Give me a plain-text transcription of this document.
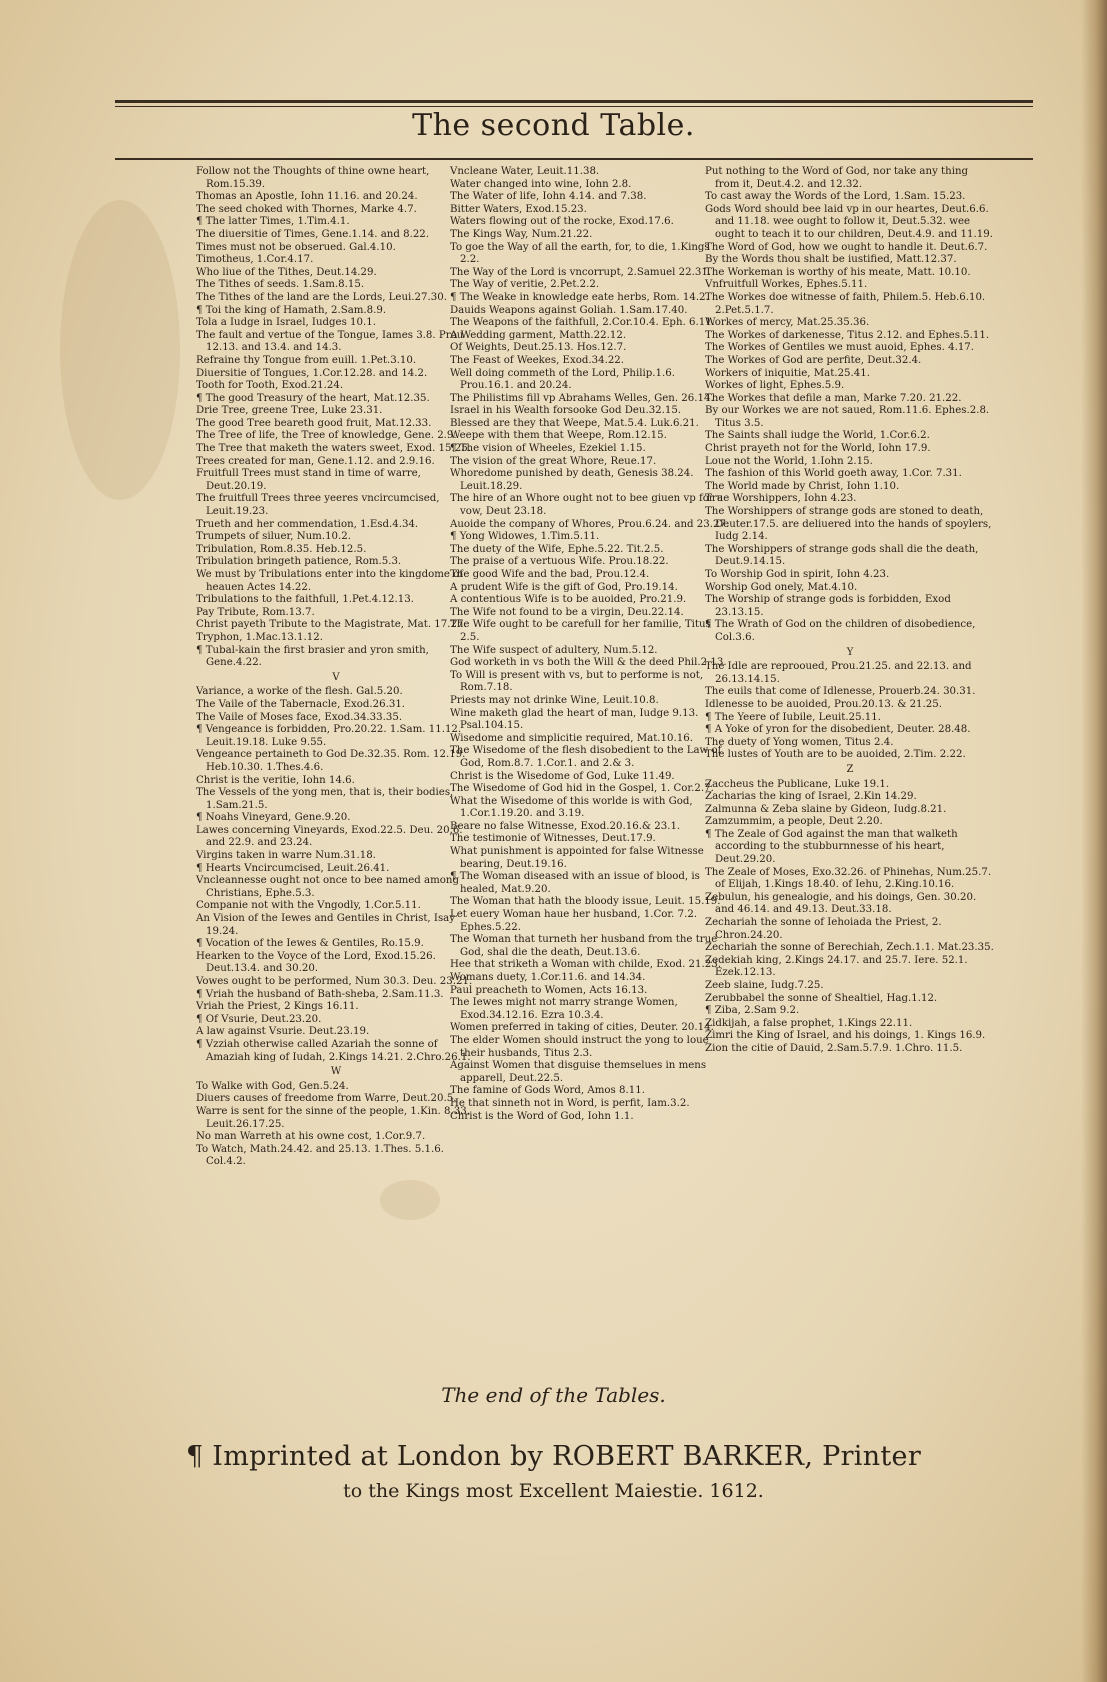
The second Table.

Follow not the Thoughts of thine owne heart, Rom.15.39.

Thomas an Apostle, Iohn 11.16. and 20.24.

The seed choked with Thornes, Marke 4.7.

¶ The latter Times, 1.Tim.4.1.

The diuersitie of Times, Gene.1.14. and 8.22.

Times must not be obserued. Gal.4.10.

Timotheus, 1.Cor.4.17.

Who liue of the Tithes, Deut.14.29.

The Tithes of seeds. 1.Sam.8.15.

The Tithes of the land are the Lords, Leui.27.30.

¶ Toi the king of Hamath, 2.Sam.8.9.

Tola a Iudge in Israel, Iudges 10.1.

The fault and vertue of the Tongue, Iames 3.8. Prou 12.13. and 13.4. and 14.3.

Refraine thy Tongue from euill. 1.Pet.3.10.

Diuersitie of Tongues, 1.Cor.12.28. and 14.2.

Tooth for Tooth, Exod.21.24.

¶ The good Treasury of the heart, Mat.12.35.

Drie Tree, greene Tree, Luke 23.31.

The good Tree beareth good fruit, Mat.12.33.

The Tree of life, the Tree of knowledge, Gene. 2.9.

The Tree that maketh the waters sweet, Exod. 15.25.

Trees created for man, Gene.1.12. and 2.9.16.

Fruitfull Trees must stand in time of warre, Deut.20.19.

The fruitfull Trees three yeeres vncircumcised, Leuit.19.23.

Trueth and her commendation, 1.Esd.4.34.

Trumpets of siluer, Num.10.2.

Tribulation, Rom.8.35. Heb.12.5.

Tribulation bringeth patience, Rom.5.3.

We must by Tribulations enter into the kingdome of heauen Actes 14.22.

Tribulations to the faithfull, 1.Pet.4.12.13.

Pay Tribute, Rom.13.7.

Christ payeth Tribute to the Magistrate, Mat. 17.27.

Tryphon, 1.Mac.13.1.12.

¶ Tubal-kain the first brasier and yron smith, Gene.4.22.

V

Variance, a worke of the flesh. Gal.5.20.

The Vaile of the Tabernacle, Exod.26.31.

The Vaile of Moses face, Exod.34.33.35.

¶ Vengeance is forbidden, Pro.20.22. 1.Sam. 11.12. Leuit.19.18. Luke 9.55.

Vengeance pertaineth to God De.32.35. Rom. 12.19. Heb.10.30. 1.Thes.4.6.

Christ is the veritie, Iohn 14.6.

The Vessels of the yong men, that is, their bodies, 1.Sam.21.5.

¶ Noahs Vineyard, Gene.9.20.

Lawes concerning Vineyards, Exod.22.5. Deu. 20.6. and 22.9. and 23.24.

Virgins taken in warre Num.31.18.

¶ Hearts Vncircumcised, Leuit.26.41.

Vncleannesse ought not once to bee named among Christians, Ephe.5.3.

Companie not with the Vngodly, 1.Cor.5.11.

An Vision of the Iewes and Gentiles in Christ, Isay 19.24.

¶ Vocation of the Iewes & Gentiles, Ro.15.9.

Hearken to the Voyce of the Lord, Exod.15.26. Deut.13.4. and 30.20.

Vowes ought to be performed, Num 30.3. Deu. 23.21.

¶ Vriah the husband of Bath-sheba, 2.Sam.11.3.

Vriah the Priest, 2 Kings 16.11.

¶ Of Vsurie, Deut.23.20.

A law against Vsurie. Deut.23.19.

¶ Vzziah otherwise called Azariah the sonne of Amaziah king of Iudah, 2.Kings 14.21. 2.Chro.26.1.

W

To Walke with God, Gen.5.24.

Diuers causes of freedome from Warre, Deut.20.5.

Warre is sent for the sinne of the people, 1.Kin. 8.33. Leuit.26.17.25.

No man Warreth at his owne cost, 1.Cor.9.7.

To Watch, Math.24.42. and 25.13. 1.Thes. 5.1.6. Col.4.2.

Vncleane Water, Leuit.11.38.

Water changed into wine, Iohn 2.8.

The Water of life, Iohn 4.14. and 7.38.

Bitter Waters, Exod.15.23.

Waters flowing out of the rocke, Exod.17.6.

The Kings Way, Num.21.22.

To goe the Way of all the earth, for, to die, 1.Kings 2.2.

The Way of the Lord is vncorrupt, 2.Samuel 22.31.

The Way of veritie, 2.Pet.2.2.

¶ The Weake in knowledge eate herbs, Rom. 14.2.

Dauids Weapons against Goliah. 1.Sam.17.40.

The Weapons of the faithfull, 2.Cor.10.4. Eph. 6.11.

A Wedding garment, Matth.22.12.

Of Weights, Deut.25.13. Hos.12.7.

The Feast of Weekes, Exod.34.22.

Well doing commeth of the Lord, Philip.1.6. Prou.16.1. and 20.24.

The Philistims fill vp Abrahams Welles, Gen. 26.14.

Israel in his Wealth forsooke God Deu.32.15.

Blessed are they that Weepe, Mat.5.4. Luk.6.21.

Weepe with them that Weepe, Rom.12.15.

¶ The vision of Wheeles, Ezekiel 1.15.

The vision of the great Whore, Reue.17.

Whoredome punished by death, Genesis 38.24. Leuit.18.29.

The hire of an Whore ought not to bee giuen vp for a vow, Deut 23.18.

Auoide the company of Whores, Prou.6.24. and 23.27.

¶ Yong Widowes, 1.Tim.5.11.

The duety of the Wife, Ephe.5.22. Tit.2.5.

The praise of a vertuous Wife. Prou.18.22.

The good Wife and the bad, Prou.12.4.

A prudent Wife is the gift of God, Pro.19.14.

A contentious Wife is to be auoided, Pro.21.9.

The Wife not found to be a virgin, Deu.22.14.

The Wife ought to be carefull for her familie, Titus 2.5.

The Wife suspect of adultery, Num.5.12.

God worketh in vs both the Will & the deed Phil.2.13.

To Will is present with vs, but to performe is not, Rom.7.18.

Priests may not drinke Wine, Leuit.10.8.

Wine maketh glad the heart of man, Iudge 9.13. Psal.104.15.

Wisedome and simplicitie required, Mat.10.16.

The Wisedome of the flesh disobedient to the Law of God, Rom.8.7. 1.Cor.1. and 2.& 3.

Christ is the Wisedome of God, Luke 11.49.

The Wisedome of God hid in the Gospel, 1. Cor.2.7.

What the Wisedome of this worlde is with God, 1.Cor.1.19.20. and 3.19.

Beare no false Witnesse, Exod.20.16.& 23.1.

The testimonie of Witnesses, Deut.17.9.

What punishment is appointed for false Witnesse bearing, Deut.19.16.

¶ The Woman diseased with an issue of blood, is healed, Mat.9.20.

The Woman that hath the bloody issue, Leuit. 15.19.

Let euery Woman haue her husband, 1.Cor. 7.2. Ephes.5.22.

The Woman that turneth her husband from the true God, shal die the death, Deut.13.6.

Hee that striketh a Woman with childe, Exod. 21.23.

Womans duety, 1.Cor.11.6. and 14.34.

Paul preacheth to Women, Acts 16.13.

The Iewes might not marry strange Women, Exod.34.12.16. Ezra 10.3.4.

Women preferred in taking of cities, Deuter. 20.14.

The elder Women should instruct the yong to loue their husbands, Titus 2.3.

Against Women that disguise themselues in mens apparell, Deut.22.5.

The famine of Gods Word, Amos 8.11.

He that sinneth not in Word, is perfit, Iam.3.2.

Christ is the Word of God, Iohn 1.1.

Put nothing to the Word of God, nor take any thing from it, Deut.4.2. and 12.32.

To cast away the Words of the Lord, 1.Sam. 15.23.

Gods Word should bee laid vp in our heartes, Deut.6.6. and 11.18. wee ought to follow it, Deut.5.32. wee ought to teach it to our children, Deut.4.9. and 11.19.

The Word of God, how we ought to handle it. Deut.6.7.

By the Words thou shalt be iustified, Matt.12.37.

The Workeman is worthy of his meate, Matt. 10.10.

Vnfruitfull Workes, Ephes.5.11.

The Workes doe witnesse of faith, Philem.5. Heb.6.10. 2.Pet.5.1.7.

Workes of mercy, Mat.25.35.36.

The Workes of darkenesse, Titus 2.12. and Ephes.5.11.

The Workes of Gentiles we must auoid, Ephes. 4.17.

The Workes of God are perfite, Deut.32.4.

Workers of iniquitie, Mat.25.41.

Workes of light, Ephes.5.9.

The Workes that defile a man, Marke 7.20. 21.22.

By our Workes we are not saued, Rom.11.6. Ephes.2.8. Titus 3.5.

The Saints shall iudge the World, 1.Cor.6.2.

Christ prayeth not for the World, Iohn 17.9.

Loue not the World, 1.Iohn 2.15.

The fashion of this World goeth away, 1.Cor. 7.31.

The World made by Christ, Iohn 1.10.

True Worshippers, Iohn 4.23.

The Worshippers of strange gods are stoned to death, Deuter.17.5. are deliuered into the hands of spoylers, Iudg 2.14.

The Worshippers of strange gods shall die the death, Deut.9.14.15.

To Worship God in spirit, Iohn 4.23.

Worship God onely, Mat.4.10.

The Worship of strange gods is forbidden, Exod 23.13.15.

¶ The Wrath of God on the children of disobedience, Col.3.6.

Y

The Idle are reprooued, Prou.21.25. and 22.13. and 26.13.14.15.

The euils that come of Idlenesse, Prouerb.24. 30.31.

Idlenesse to be auoided, Prou.20.13. & 21.25.

¶ The Yeere of Iubile, Leuit.25.11.

¶ A Yoke of yron for the disobedient, Deuter. 28.48.

The duety of Yong women, Titus 2.4.

The lustes of Youth are to be auoided, 2.Tim. 2.22.

Z

Zaccheus the Publicane, Luke 19.1.

Zacharias the king of Israel, 2.Kin 14.29.

Zalmunna & Zeba slaine by Gideon, Iudg.8.21.

Zamzummim, a people, Deut 2.20.

¶ The Zeale of God against the man that walketh according to the stubburnnesse of his heart, Deut.29.20.

The Zeale of Moses, Exo.32.26. of Phinehas, Num.25.7. of Elijah, 1.Kings 18.40. of Iehu, 2.King.10.16.

Zebulun, his genealogie, and his doings, Gen. 30.20. and 46.14. and 49.13. Deut.33.18.

Zechariah the sonne of Iehoiada the Priest, 2. Chron.24.20.

Zechariah the sonne of Berechiah, Zech.1.1. Mat.23.35.

Zedekiah king, 2.Kings 24.17. and 25.7. Iere. 52.1. Ezek.12.13.

Zeeb slaine, Iudg.7.25.

Zerubbabel the sonne of Shealtiel, Hag.1.12.

¶ Ziba, 2.Sam 9.2.

Zidkijah, a false prophet, 1.Kings 22.11.

Zimri the King of Israel, and his doings, 1. Kings 16.9.

Zion the citie of Dauid, 2.Sam.5.7.9. 1.Chro. 11.5.

The end of the Tables.
¶ Imprinted at London by ROBERT BARKER, Printer
to the Kings most Excellent Maiestie. 1612.
